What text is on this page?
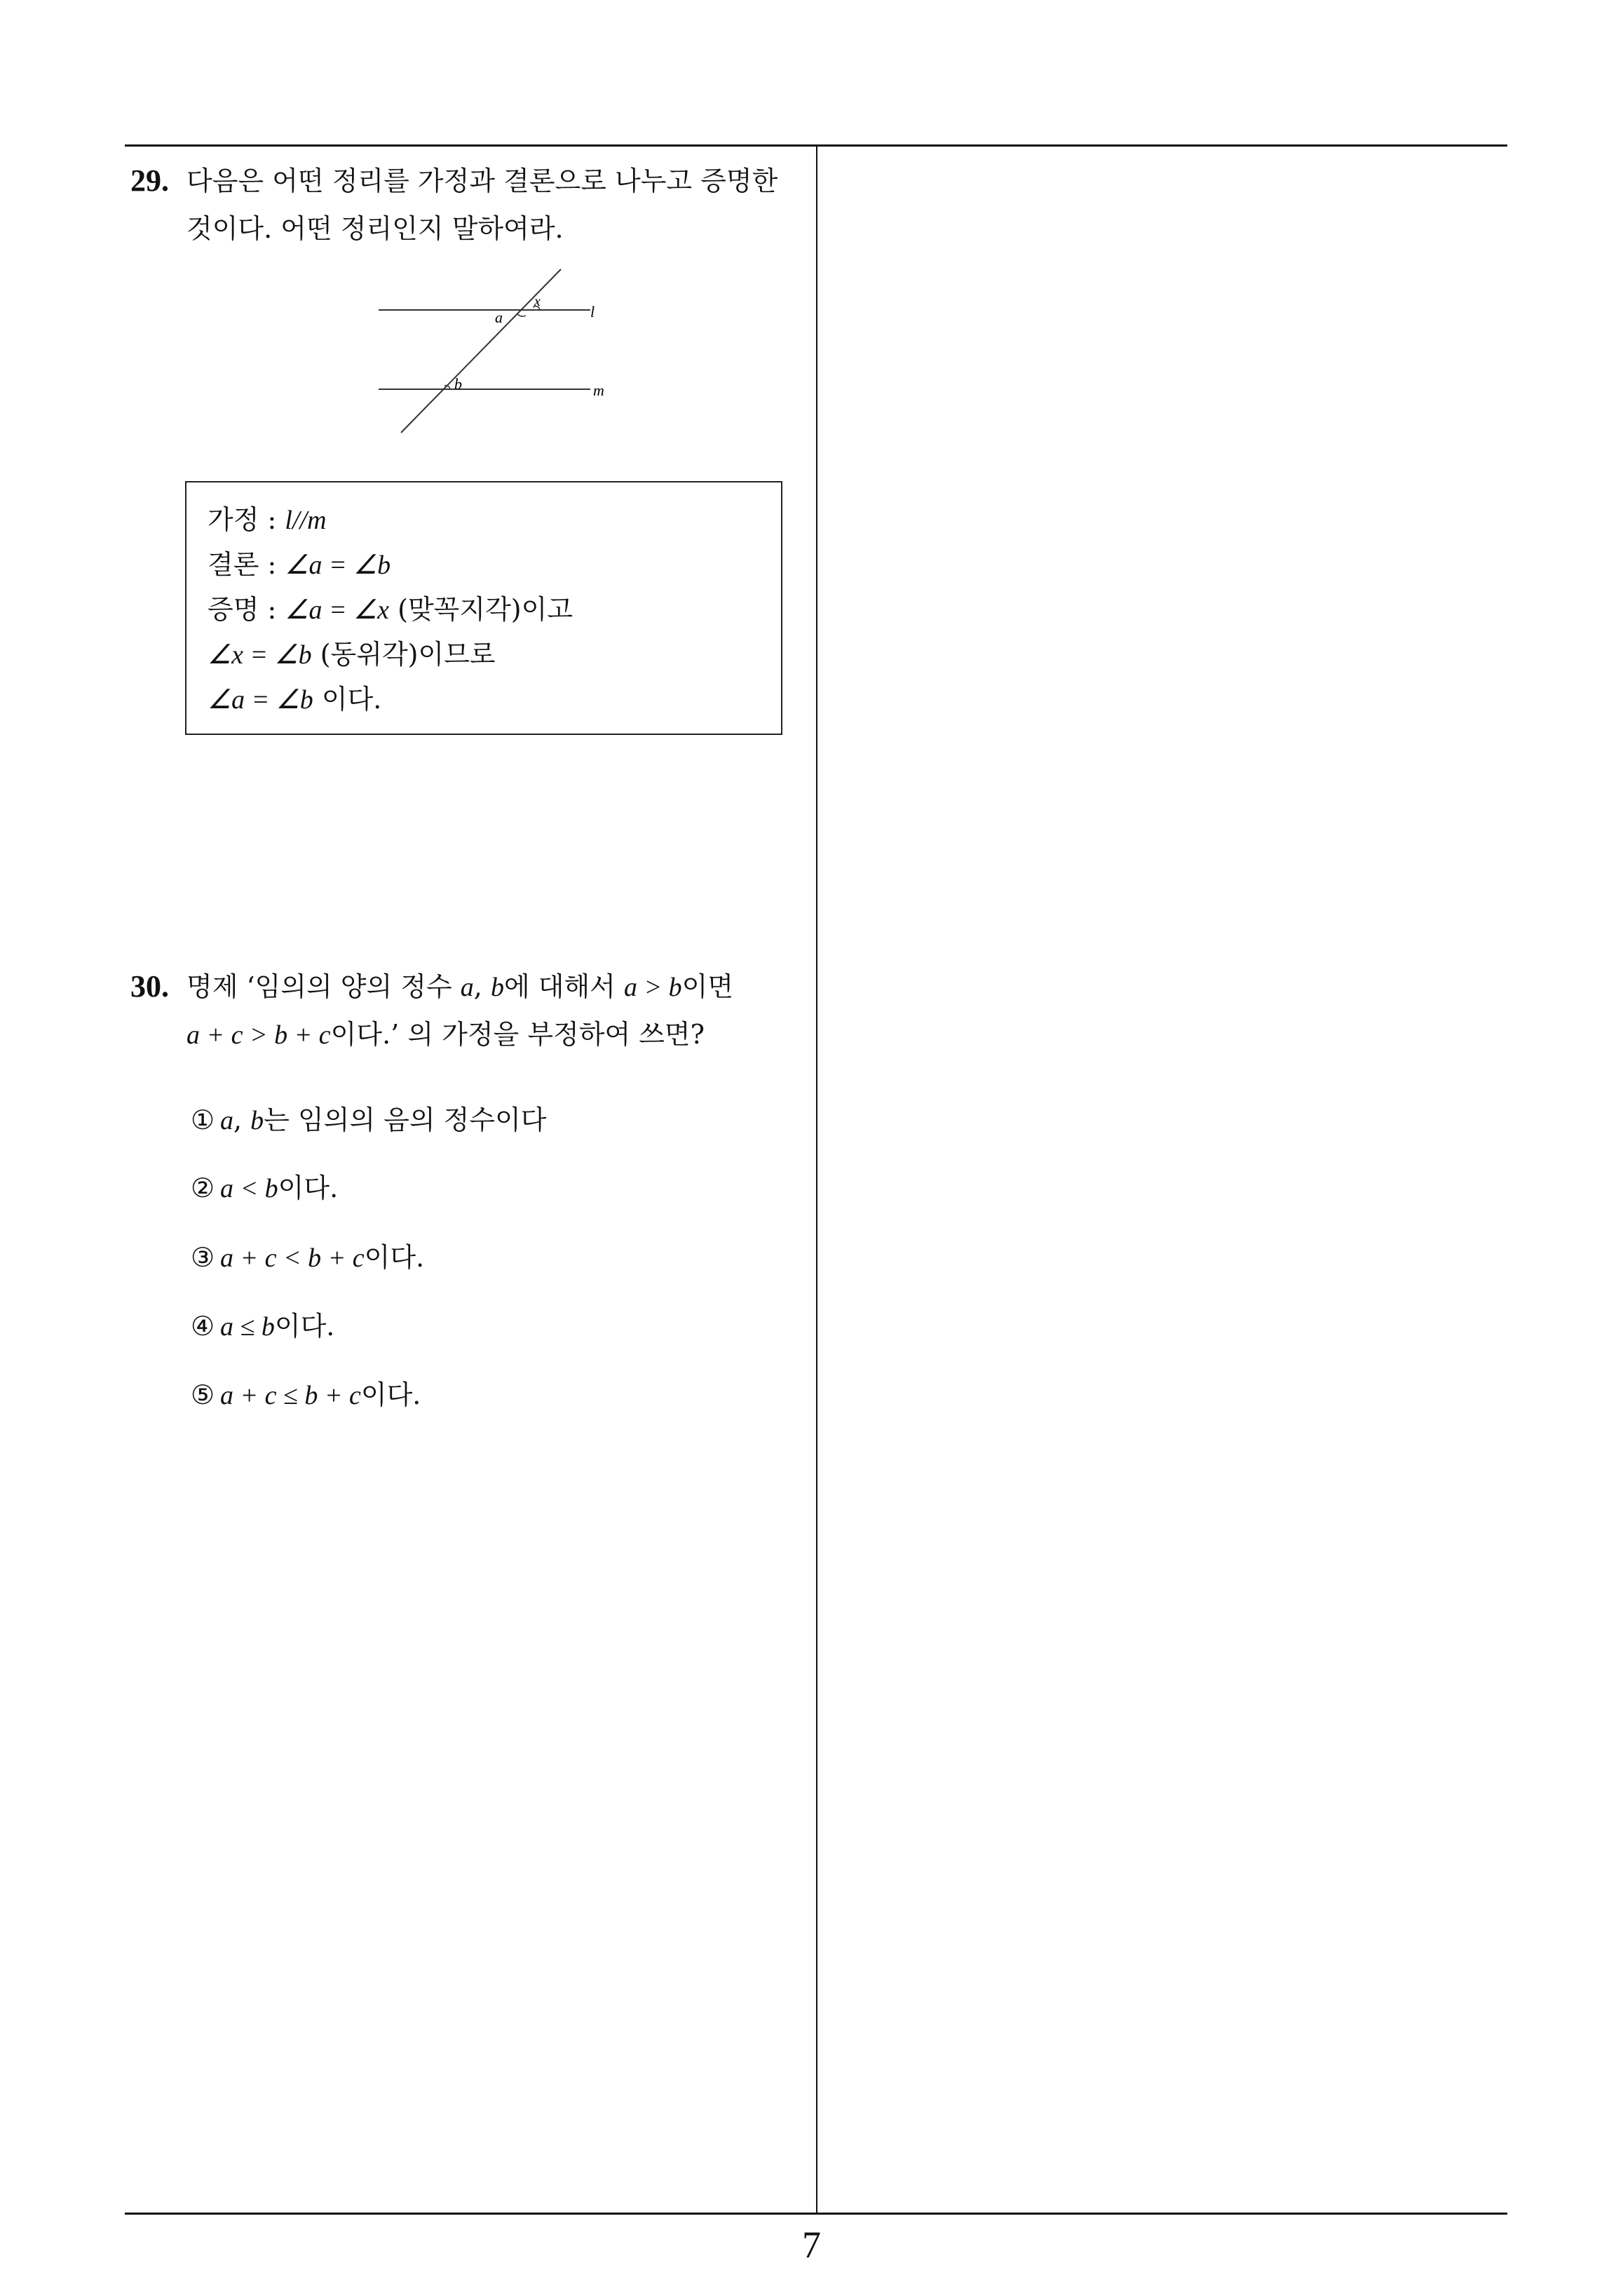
29. 다음은 어떤 정리를 가정과 결론으로 나누고 증명한
것이다. 어떤 정리인지 말하여라.
a
x
b
l
m
가정 : l//m
결론 : ∠a = ∠b
증명 : ∠a = ∠x (맞꼭지각)이고
∠x = ∠b (동위각)이므로
∠a = ∠b 이다.
30. 명제 ‘임의의 양의 정수 a, b에 대해서 a > b이면
a + c > b + c이다.’ 의 가정을 부정하여 쓰면?
① a, b는 임의의 음의 정수이다
② a < b이다.
③ a + c < b + c이다.
④ a ≤ b이다.
⑤ a + c ≤ b + c이다.
7
